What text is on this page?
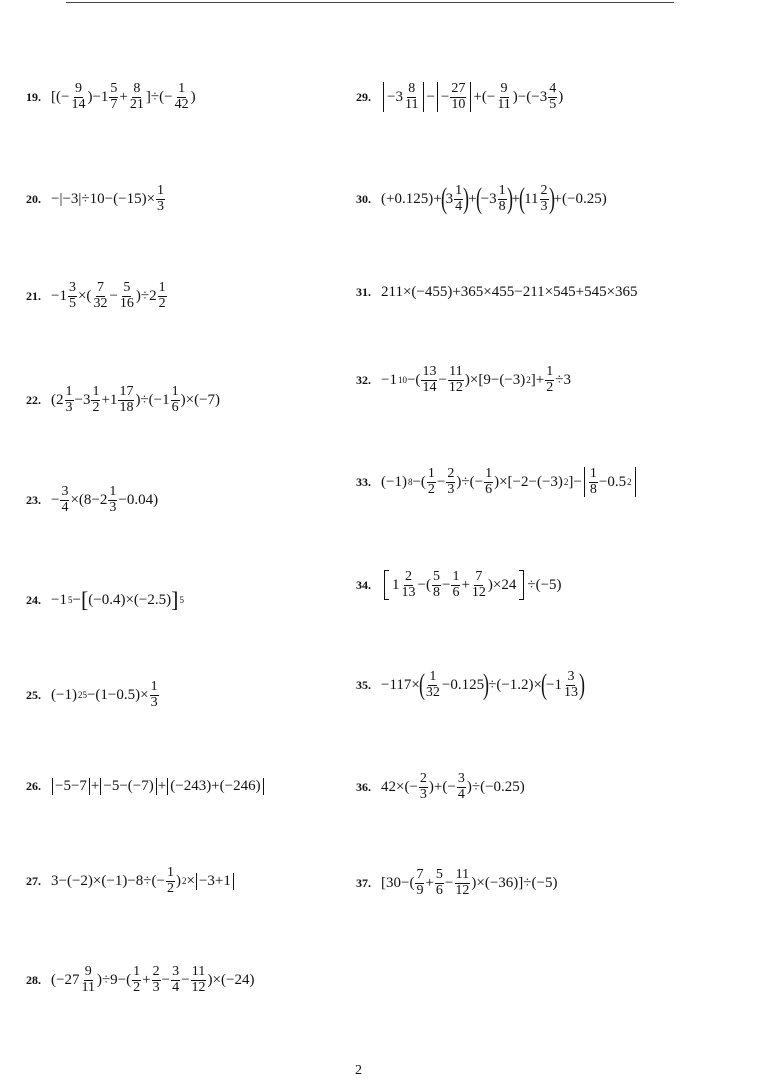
19. [(− $\frac{9}{14} )-1 \frac{5}{7} + \frac{8}{21}$ ]÷(− $\frac{1}{42}$ )
20. $-|-3|\div 10-(-15)\times \frac{1}{3}$
21. $-1 \frac{3}{5}$ ×( $\frac{7}{32} - \frac{5}{16} )\div 2 \frac{1}{2}$
22. $(2 \frac{1}{3} -3 \frac{1}{2} +1 \frac{17}{18} )\div(-1 \frac{1}{6} )\times(-7)$
23. − $\frac{3}{4} \times(8-2 \frac{1}{3} -0.04)$
24. −1 5 − [ (−0.4)×(−2.5) ] 5
25. (−1) $25 -(1-0.5)\times \frac{1}{3}$
26. −5−7 + −5−(−7) + (−243)+(−246)
27. $3-(-2)\times(-1)-8\div(- \frac{1}{2}$ ) 2 × −3+1
28. $(-27 \frac{9}{11} )\div 9-( \frac{1}{2} + \frac{2}{3} - \frac{3}{4} - \frac{11}{12} )\times(-24)$
29. $-3 \frac{8}{11}$ − − $\frac{27}{10}$ +(− $\frac{9}{11} )-(-3 \frac{4}{5}$ )
30. (+0.125)+ ( $3 \frac{1}{4}$ ) + ( $-3 \frac{1}{8}$ ) + ( $11 \frac{2}{3}$ ) +(−0.25)
31. 211×(−455)+365×455−211×545+545×365
32. −1 10 −( $\frac{13}{14} - \frac{11}{12} )\times[9-(-3)$ 2 ]+ $\frac{1}{2} \div 3$
33. (−1) 8 −( $\frac{1}{2} - \frac{2}{3}$ )÷(− $\frac{1}{6} )\times[-2-(-3)$ 2 ]− $\frac{1}{8} -0.5$ 2
34.	$1 \frac{2}{13}$ −( $\frac{5}{8} - \frac{1}{6} + \frac{7}{12} )\times 24 \div(-5)$
35. −117× ( $\frac{1}{32} -0.125$ ) ÷(−1.2)× ( $-1 \frac{3}{13}$ )
36. $42\times(- \frac{2}{3}$ )+(− $\frac{3}{4} )\div(-0.25)$
37. $[30-( \frac{7}{9} + \frac{5}{6} - \frac{11}{12} )\times(-36)]\div(-5)$
2
